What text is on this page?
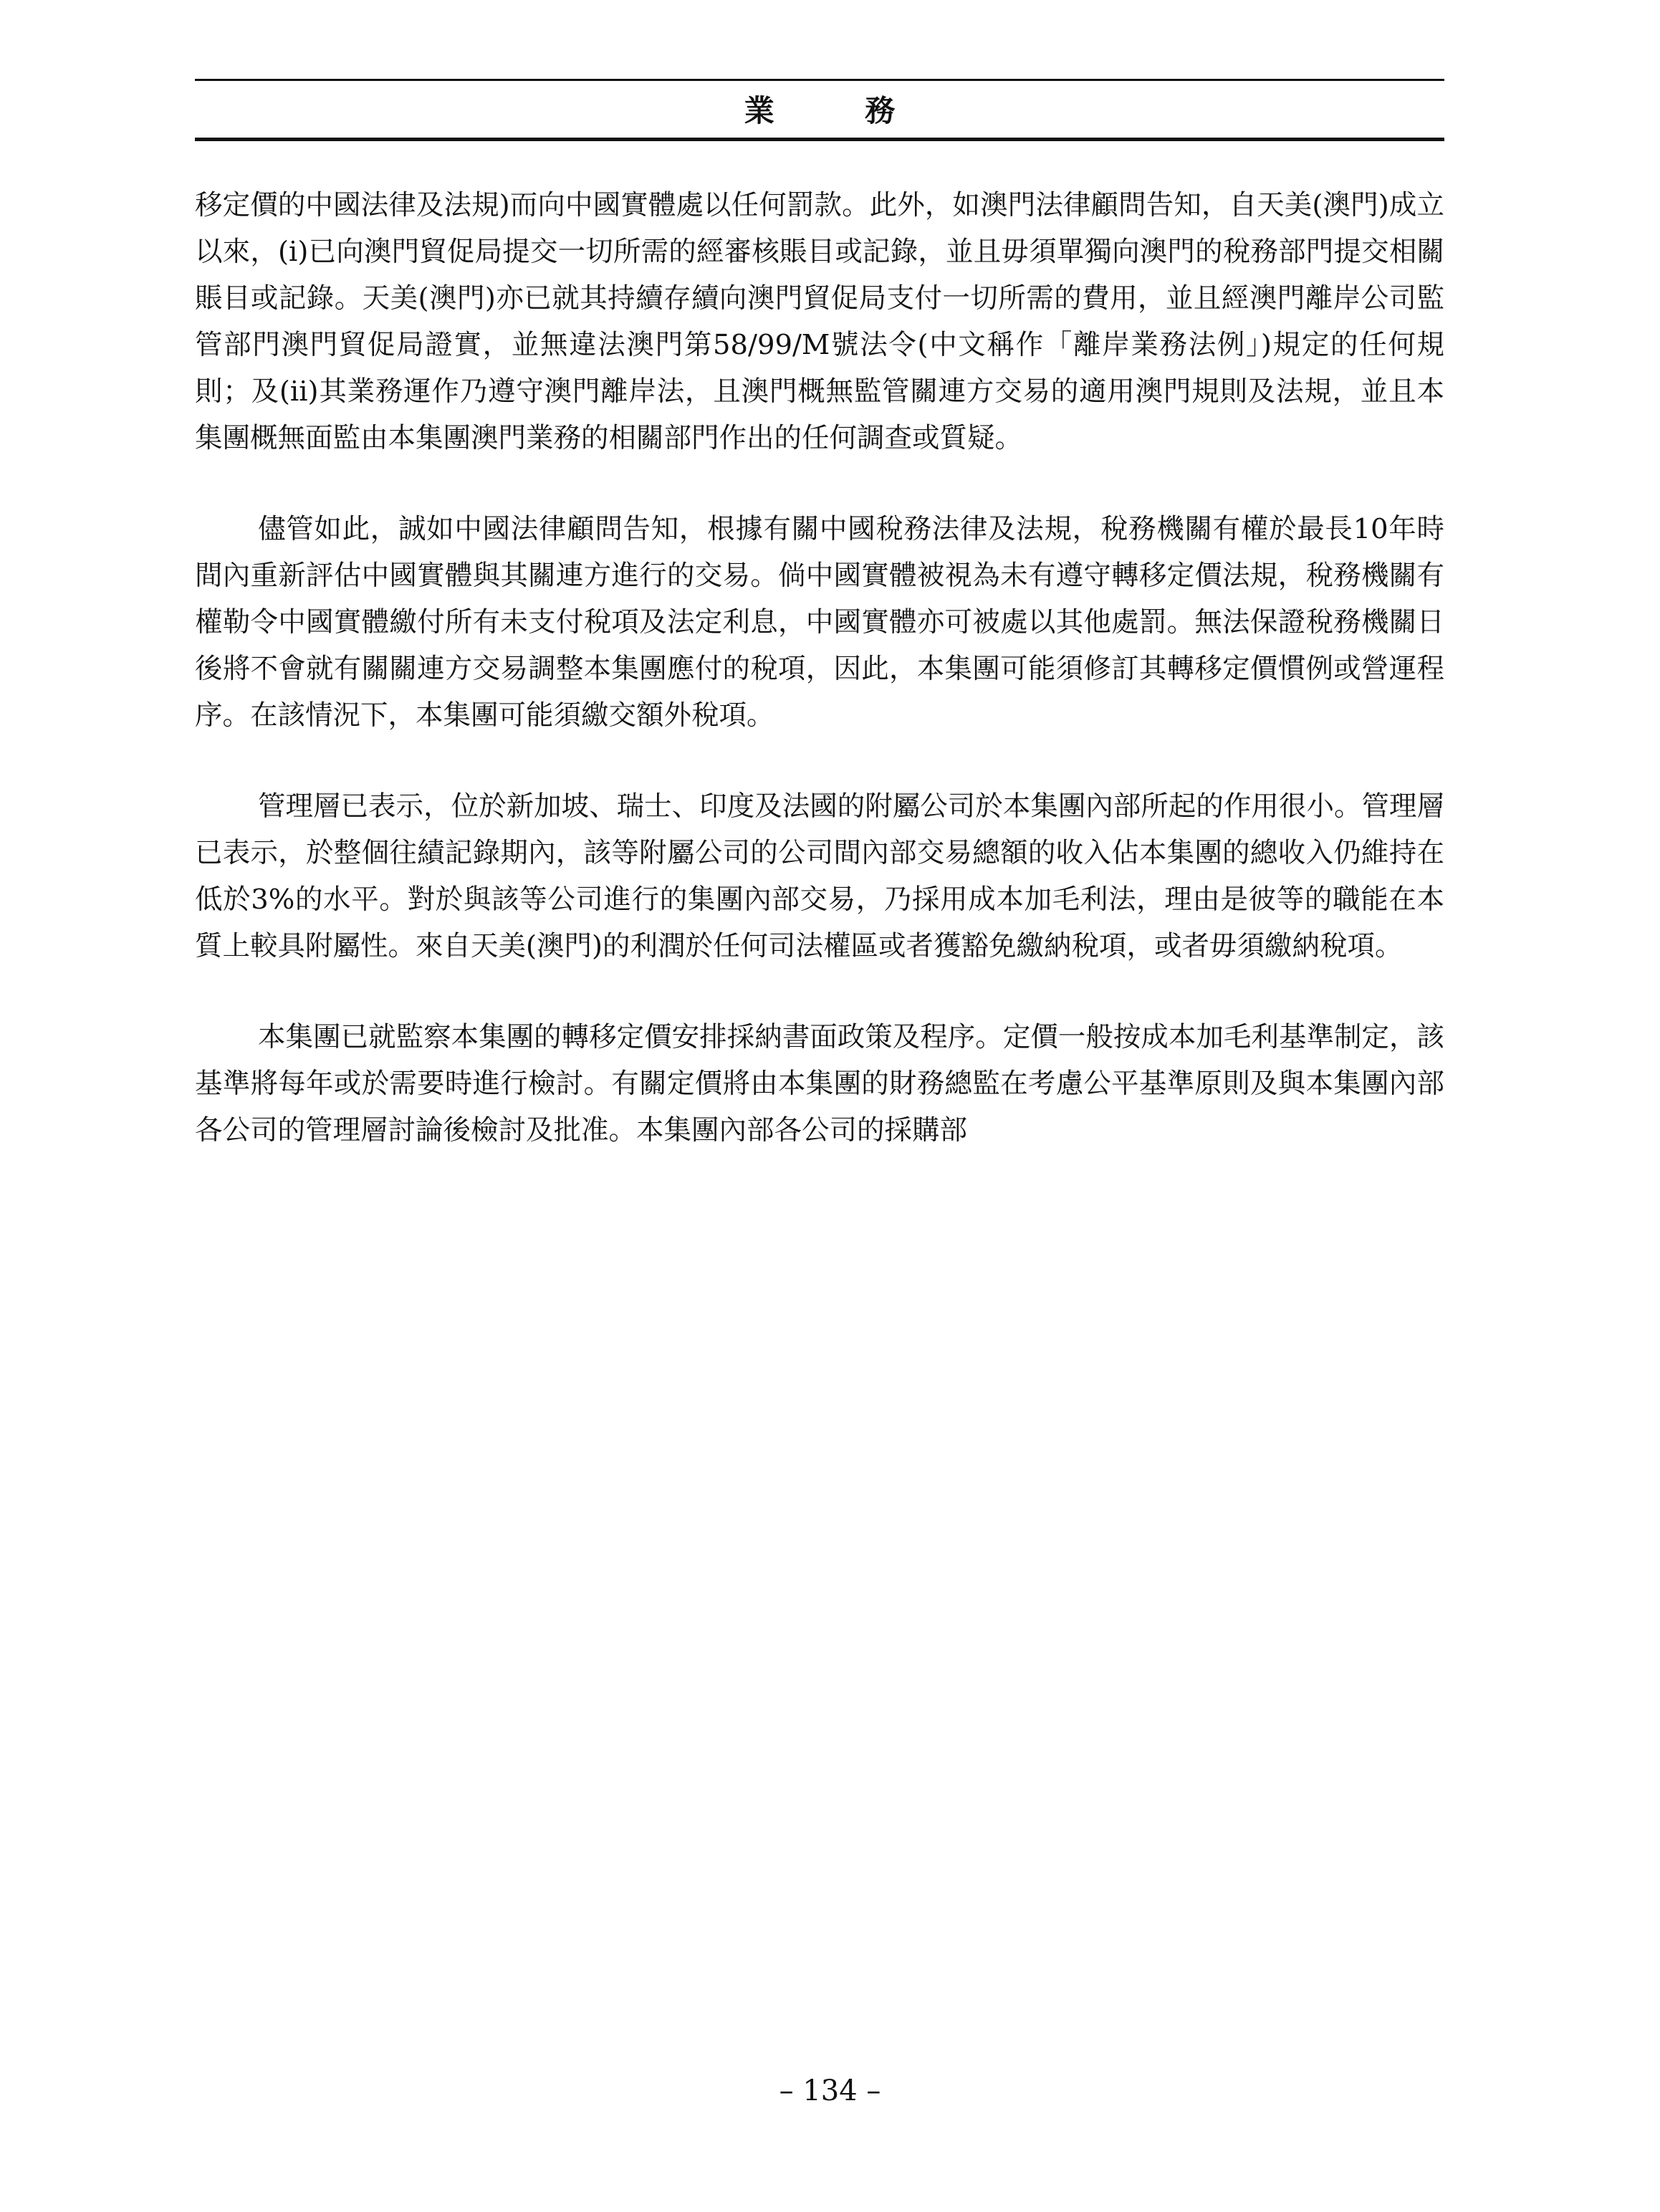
業 務

移定價的中國法律及法規)而向中國實體處以任何罰款。此外，如澳門法律顧問告知，自天美(澳門)成立以來，(i)已向澳門貿促局提交一切所需的經審核賬目或記錄，並且毋須單獨向澳門的稅務部門提交相關賬目或記錄。天美(澳門)亦已就其持續存續向澳門貿促局支付一切所需的費用，並且經澳門離岸公司監管部門澳門貿促局證實，並無違法澳門第58/99/M號法令(中文稱作「離岸業務法例」)規定的任何規則；及(ii)其業務運作乃遵守澳門離岸法，且澳門概無監管關連方交易的適用澳門規則及法規，並且本集團概無面監由本集團澳門業務的相關部門作出的任何調查或質疑。

儘管如此，誠如中國法律顧問告知，根據有關中國稅務法律及法規，稅務機關有權於最長10年時間內重新評估中國實體與其關連方進行的交易。倘中國實體被視為未有遵守轉移定價法規，稅務機關有權勒令中國實體繳付所有未支付稅項及法定利息，中國實體亦可被處以其他處罰。無法保證稅務機關日後將不會就有關關連方交易調整本集團應付的稅項，因此，本集團可能須修訂其轉移定價慣例或營運程序。在該情況下，本集團可能須繳交額外稅項。

管理層已表示，位於新加坡、瑞士、印度及法國的附屬公司於本集團內部所起的作用很小。管理層已表示，於整個往績記錄期內，該等附屬公司的公司間內部交易總額的收入佔本集團的總收入仍維持在低於3%的水平。對於與該等公司進行的集團內部交易，乃採用成本加毛利法，理由是彼等的職能在本質上較具附屬性。來自天美(澳門)的利潤於任何司法權區或者獲豁免繳納稅項，或者毋須繳納稅項。

本集團已就監察本集團的轉移定價安排採納書面政策及程序。定價一般按成本加毛利基準制定，該基準將每年或於需要時進行檢討。有關定價將由本集團的財務總監在考慮公平基準原則及與本集團內部各公司的管理層討論後檢討及批准。本集團內部各公司的採購部

– 134 –
